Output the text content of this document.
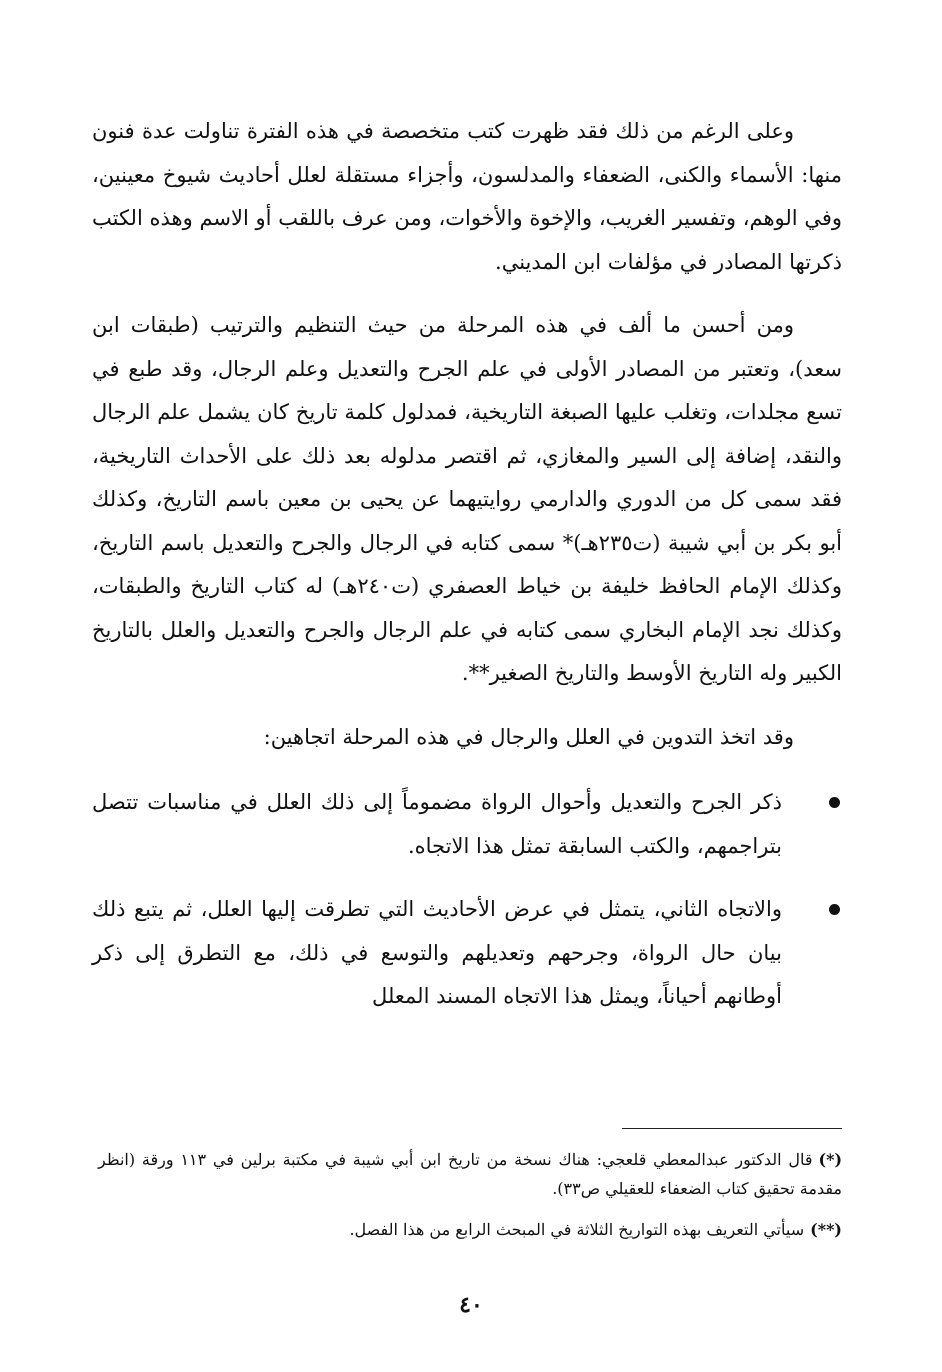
وعلى الرغم من ذلك فقد ظهرت كتب متخصصة في هذه الفترة تناولت عدة فنون منها: الأسماء والكنى، الضعفاء والمدلسون، وأجزاء مستقلة لعلل أحاديث شيوخ معينين، وفي الوهم، وتفسير الغريب، والإخوة والأخوات، ومن عرف باللقب أو الاسم وهذه الكتب ذكرتها المصادر في مؤلفات ابن المديني.

ومن أحسن ما ألف في هذه المرحلة من حيث التنظيم والترتيب (طبقات ابن سعد)، وتعتبر من المصادر الأولى في علم الجرح والتعديل وعلم الرجال، وقد طبع في تسع مجلدات، وتغلب عليها الصبغة التاريخية، فمدلول كلمة تاريخ كان يشمل علم الرجال والنقد، إضافة إلى السير والمغازي، ثم اقتصر مدلوله بعد ذلك على الأحداث التاريخية، فقد سمى كل من الدوري والدارمي روايتيهما عن يحيى بن معين باسم التاريخ، وكذلك أبو بكر بن أبي شيبة (ت٢٣٥هـ)* سمى كتابه في الرجال والجرح والتعديل باسم التاريخ، وكذلك الإمام الحافظ خليفة بن خياط العصفري (ت٢٤٠هـ) له كتاب التاريخ والطبقات، وكذلك نجد الإمام البخاري سمى كتابه في علم الرجال والجرح والتعديل والعلل بالتاريخ الكبير وله التاريخ الأوسط والتاريخ الصغير**.

وقد اتخذ التدوين في العلل والرجال في هذه المرحلة اتجاهين:

ذكر الجرح والتعديل وأحوال الرواة مضموماً إلى ذلك العلل في مناسبات تتصل بتراجمهم، والكتب السابقة تمثل هذا الاتجاه.
والاتجاه الثاني، يتمثل في عرض الأحاديث التي تطرقت إليها العلل، ثم يتبع ذلك بيان حال الرواة، وجرحهم وتعديلهم والتوسع في ذلك، مع التطرق إلى ذكر أوطانهم أحياناً، ويمثل هذا الاتجاه المسند المعلل

(*)قال الدكتور عبدالمعطي قلعجي: هناك نسخة من تاريخ ابن أبي شيبة في مكتبة برلين في ١١٣ ورقة (انظر مقدمة تحقيق كتاب الضعفاء للعقيلي ص٣٣).

(**)سيأتي التعريف بهذه التواريخ الثلاثة في المبحث الرابع من هذا الفصل.

٤٠
